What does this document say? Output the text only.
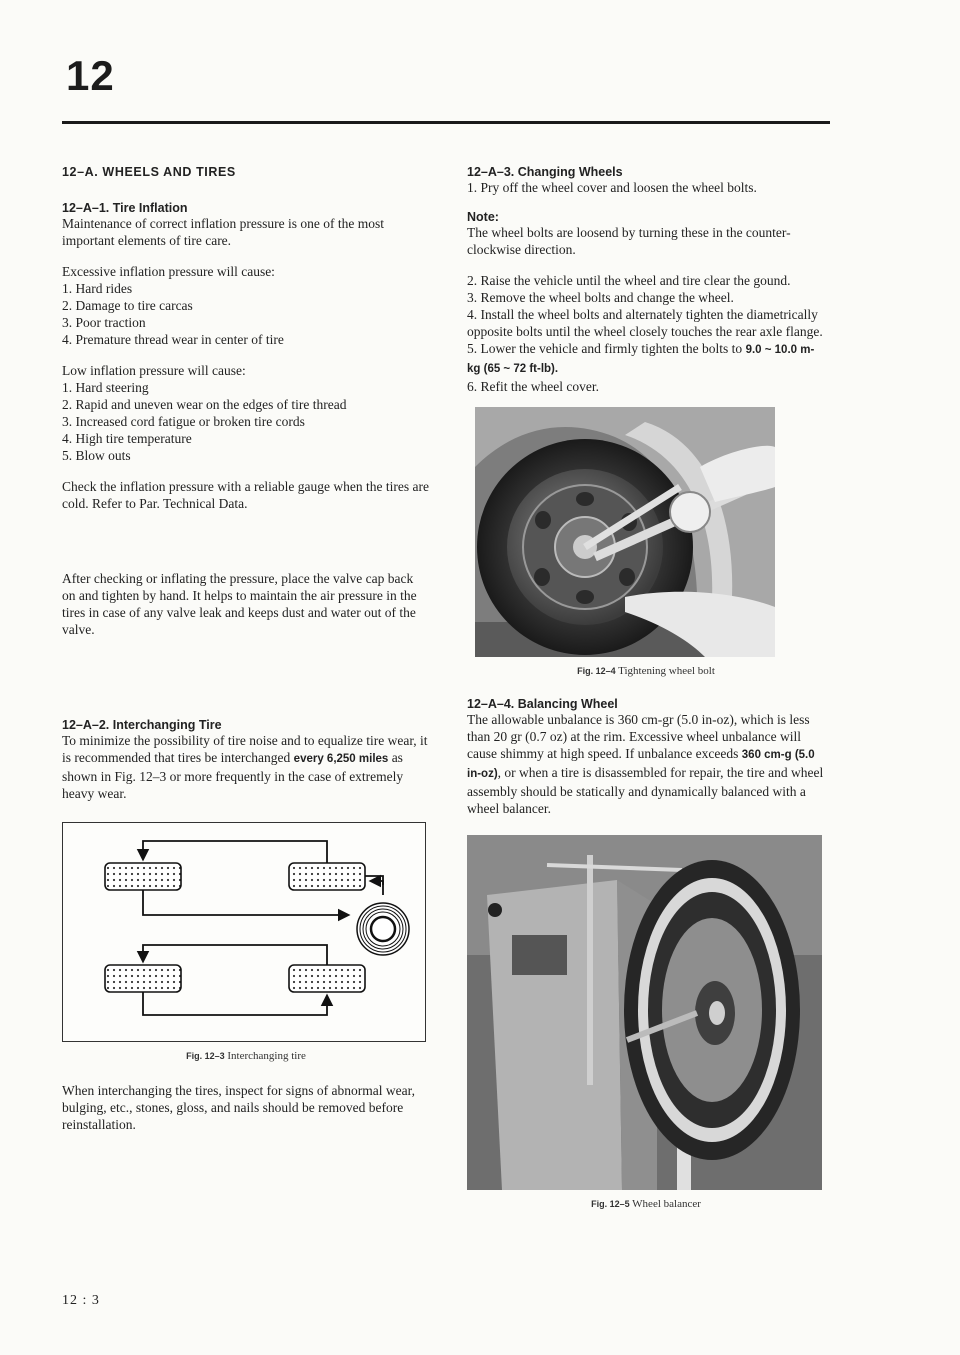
12
12–A. WHEELS AND TIRES
12–A–1. Tire Inflation

Maintenance of correct inflation pressure is one of the most important elements of tire care.

Excessive inflation pressure will cause:

1. Hard rides
2. Damage to tire carcas
3. Poor traction
4. Premature thread wear in center of tire

Low inflation pressure will cause:

1. Hard steering
2. Rapid and uneven wear on the edges of tire thread
3. Increased cord fatigue or broken tire cords
4. High tire temperature
5. Blow outs

Check the inflation pressure with a reliable gauge when the tires are cold. Refer to Par. Technical Data.

After checking or inflating the pressure, place the valve cap back on and tighten by hand. It helps to maintain the air pressure in the tires in case of any valve leak and keeps dust and water out of the valve.

12–A–2. Interchanging Tire

To minimize the possibility of tire noise and to equalize tire wear, it is recommended that tires be interchanged every 6,250 miles as shown in Fig. 12–3 or more frequently in the case of extremely heavy wear.

Fig. 12–3 Interchanging tire

When interchanging the tires, inspect for signs of abnormal wear, bulging, etc., stones, gloss, and nails should be removed before reinstallation.

12–A–3. Changing Wheels

1. Pry off the wheel cover and loosen the wheel bolts.

Note:

The wheel bolts are loosend by turning these in the counter-clockwise direction.

2. Raise the vehicle until the wheel and tire clear the gound.

3. Remove the wheel bolts and change the wheel.

4. Install the wheel bolts and alternately tighten the diametrically opposite bolts until the wheel closely touches the rear axle flange.

5. Lower the vehicle and firmly tighten the bolts to 9.0 ~ 10.0 m-kg (65 ~ 72 ft-lb).

6. Refit the wheel cover.

Fig. 12–4 Tightening wheel bolt
12–A–4. Balancing Wheel

The allowable unbalance is 360 cm-gr (5.0 in-oz), which is less than 20 gr (0.7 oz) at the rim. Excessive wheel unbalance will cause shimmy at high speed. If unbalance exceeds 360 cm-g (5.0 in-oz), or when a tire is disassembled for repair, the tire and wheel assembly should be statically and dynamically balanced with a wheel balancer.

Fig. 12–5 Wheel balancer
12 : 3
